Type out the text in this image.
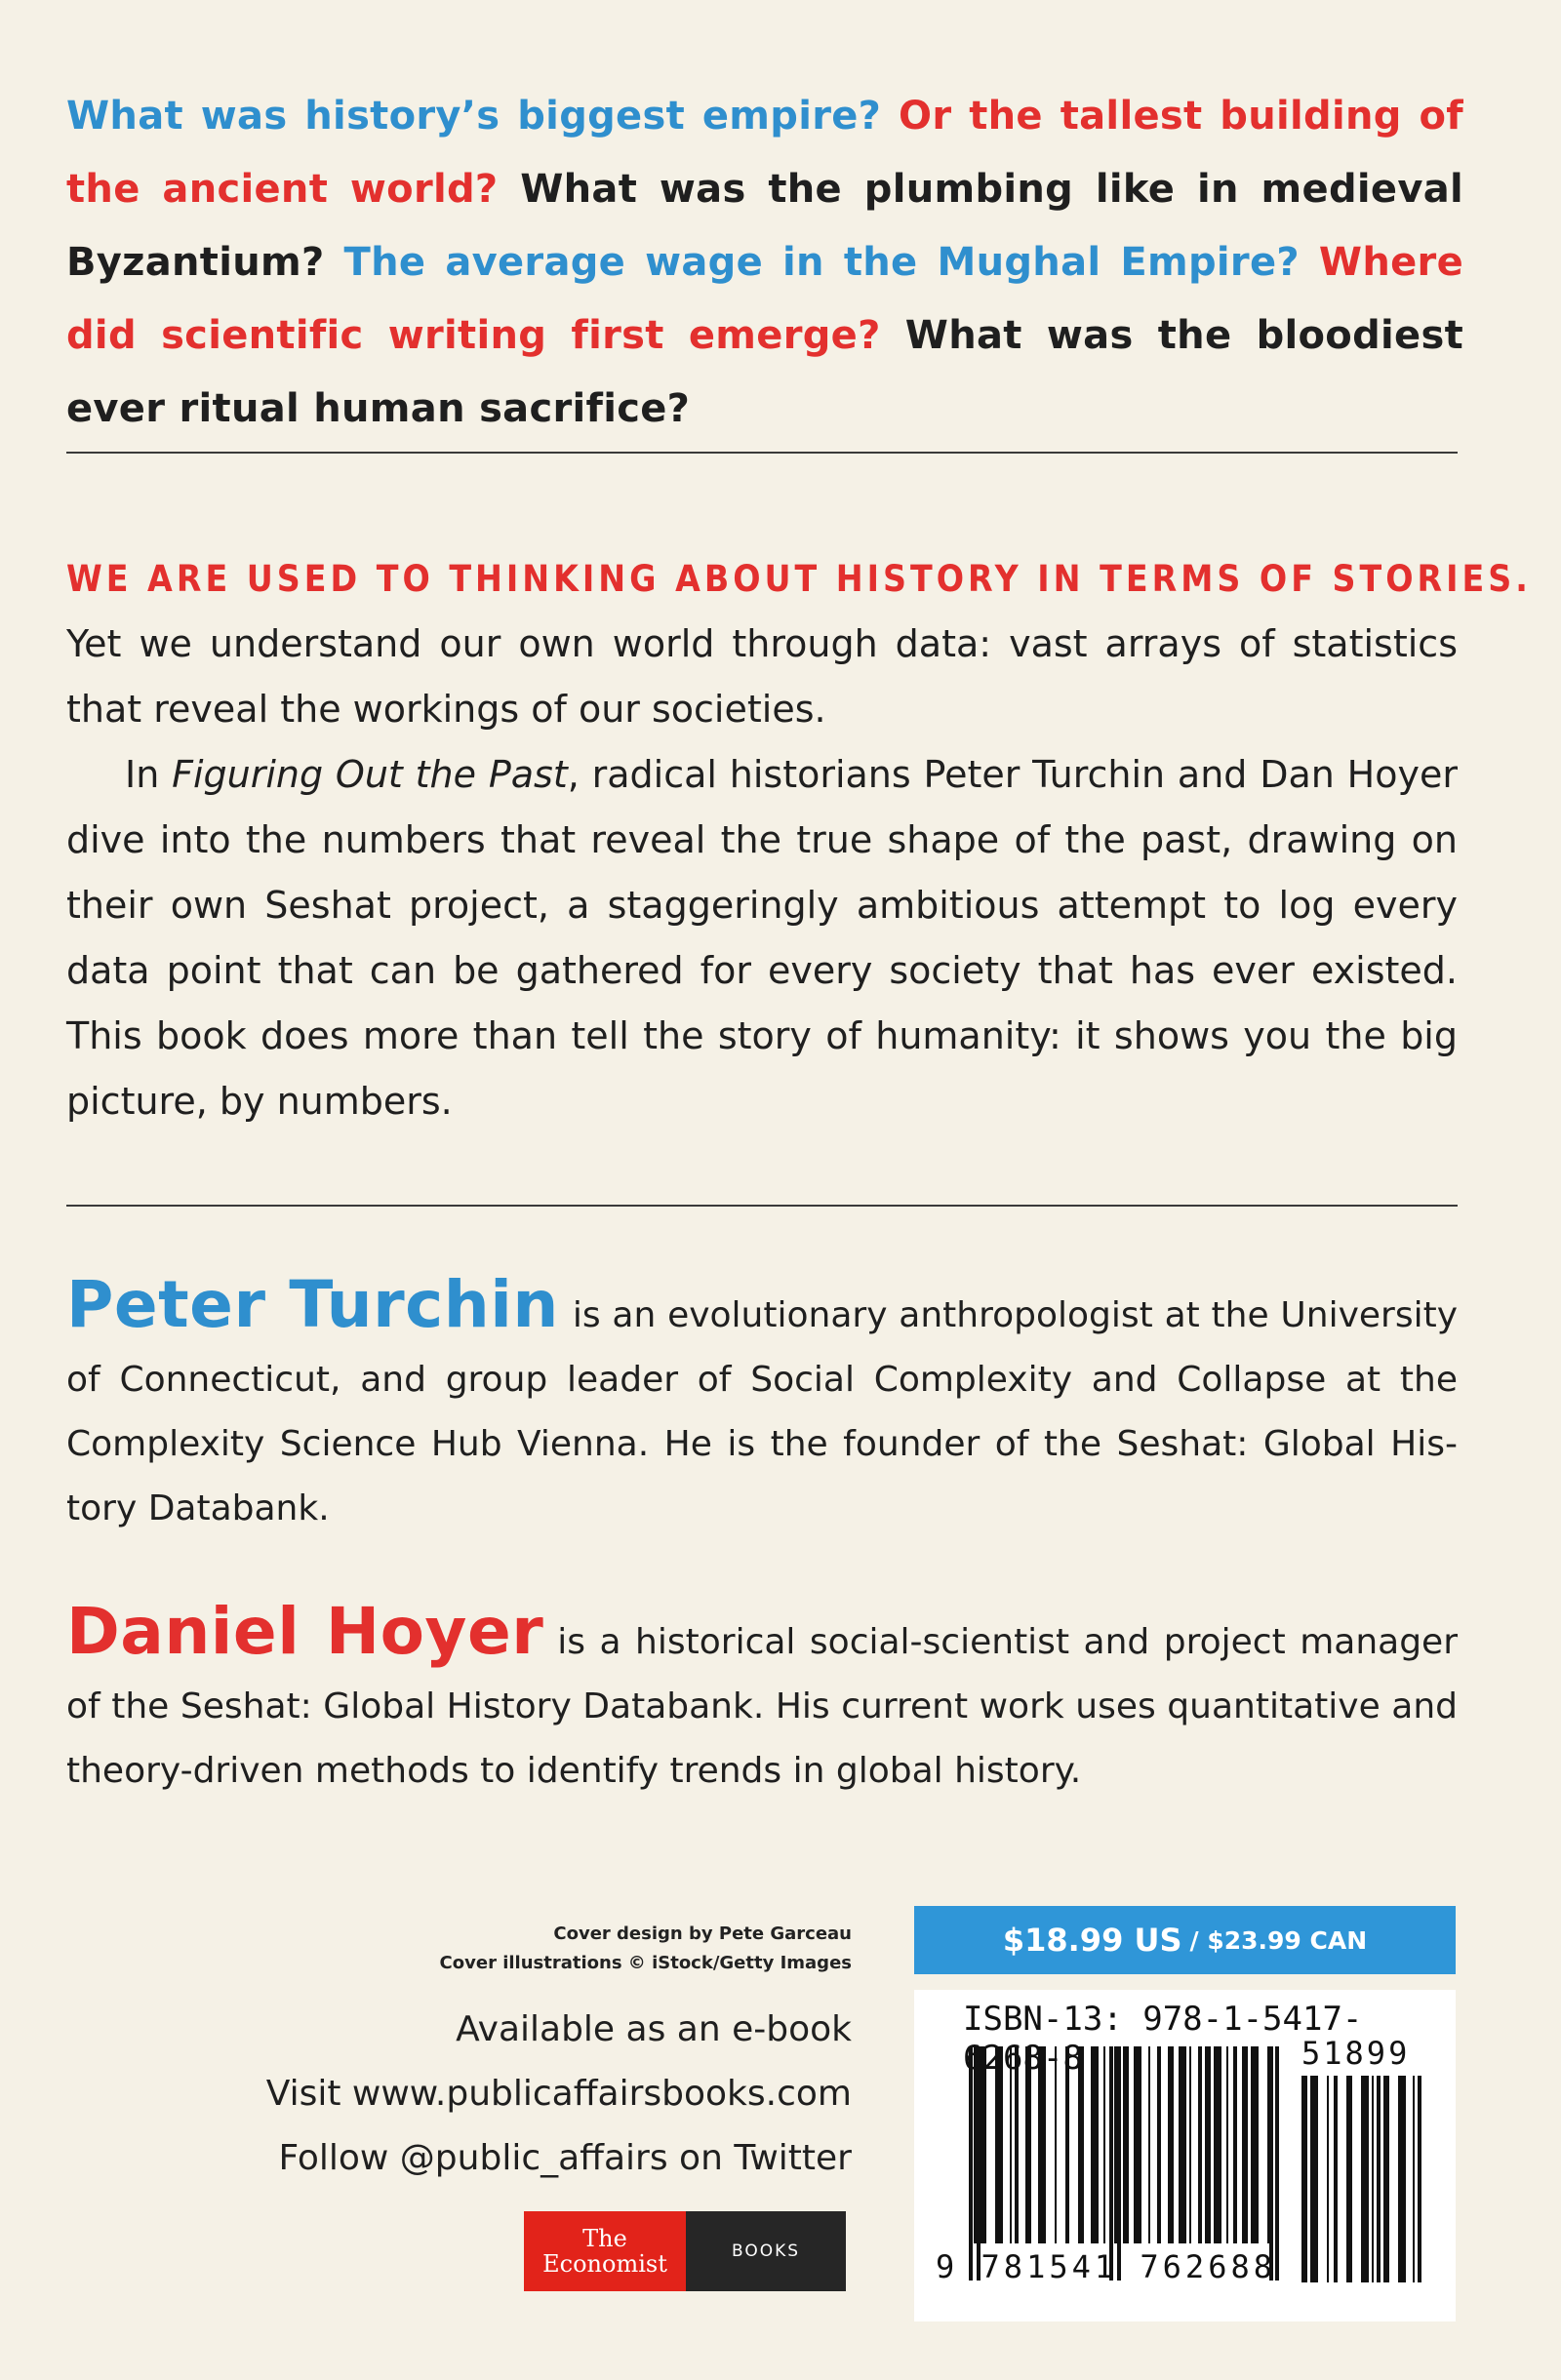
What was history’s biggest empire? Or the tallest building of the ancient world? What was the plumbing like in medieval Byzantium? The average wage in the Mughal Empire? Where did scientific writing first emerge? What was the bloodiest ever ritual human sacrifice?
WE ARE USED TO THINKING ABOUT HISTORY IN TERMS OF STORIES.

Yet we understand our own world through data: vast arrays of statistics that reveal the workings of our societies.

In Figuring Out the Past, radical historians Peter Turchin and Dan Hoyer dive into the numbers that reveal the true shape of the past, drawing on their own Seshat project, a staggeringly ambitious attempt to log every data point that can be gathered for every society that has ever existed. This book does more than tell the story of humanity: it shows you the big picture, by numbers.

Peter Turchin is an evolutionary anthropologist at the University of Connecticut, and group leader of Social Complexity and Collapse at the Complexity Science Hub Vienna. He is the founder of the Seshat: Global History Databank.
Daniel Hoyer is a historical social-scientist and project manager of the Seshat: Global History Databank. His current work uses quantitative and theory-driven methods to identify trends in global history.
Cover design by Pete Garceau
Cover illustrations © iStock/Getty Images
Available as an e-book
Visit www.publicaffairsbooks.com
Follow @public_affairs on Twitter
The
Economist	BOOKS
$18.99 US / $23.99 CAN
ISBN-13: 978-1-5417-6268-8	51899
9 781541 762688
